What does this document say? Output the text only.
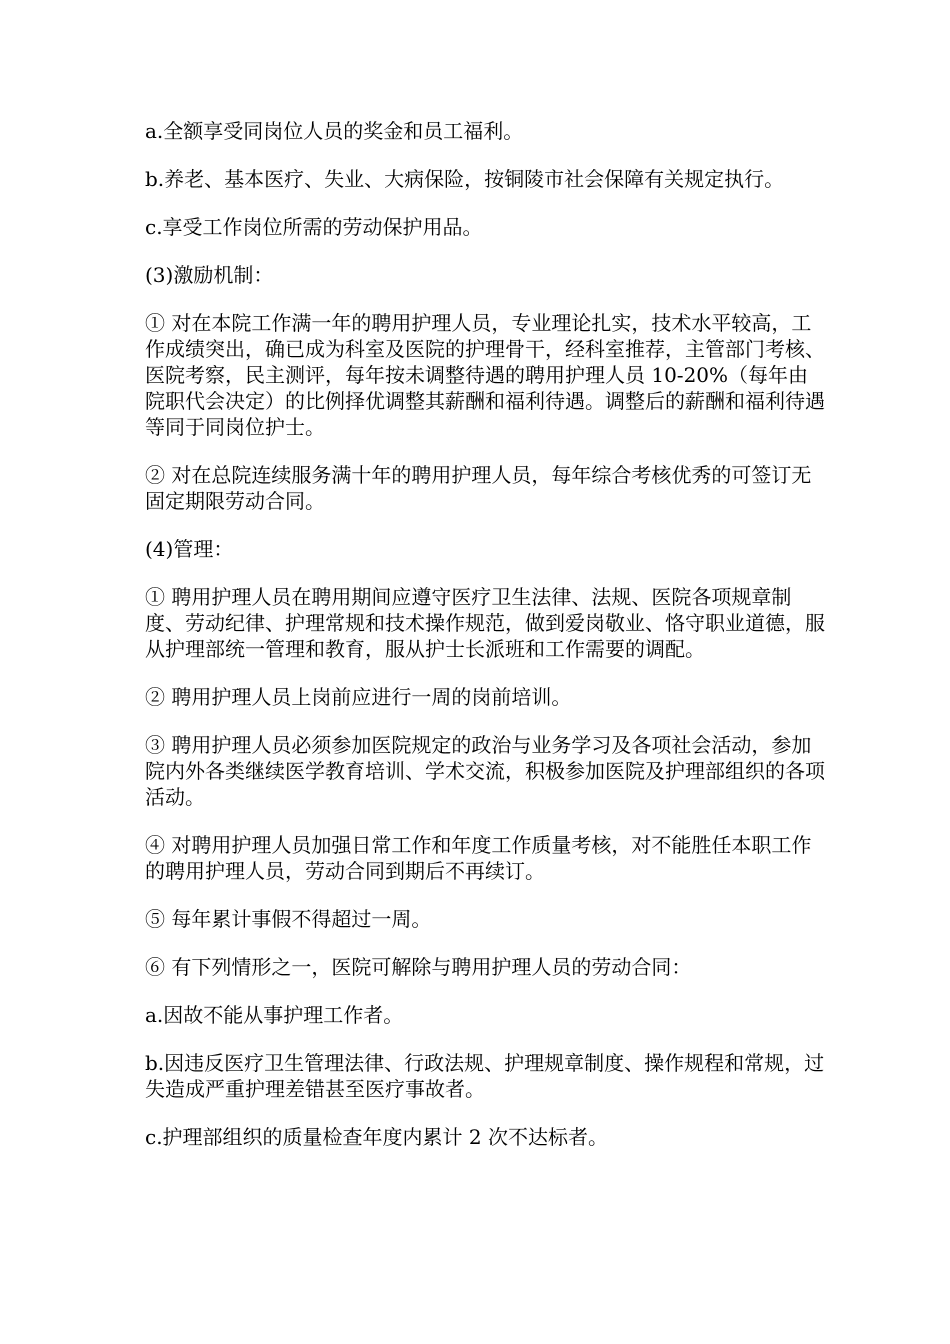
a.全额享受同岗位人员的奖金和员工福利。

b.养老、基本医疗、失业、大病保险，按铜陵市社会保障有关规定执行。

c.享受工作岗位所需的劳动保护用品。

(3)激励机制：

① 对在本院工作满一年的聘用护理人员，专业理论扎实，技术水平较高，工作成绩突出，确已成为科室及医院的护理骨干，经科室推荐，主管部门考核、医院考察，民主测评，每年按未调整待遇的聘用护理人员 10-20%（每年由院职代会决定）的比例择优调整其薪酬和福利待遇。调整后的薪酬和福利待遇等同于同岗位护士。

② 对在总院连续服务满十年的聘用护理人员，每年综合考核优秀的可签订无固定期限劳动合同。

(4)管理：

① 聘用护理人员在聘用期间应遵守医疗卫生法律、法规、医院各项规章制度、劳动纪律、护理常规和技术操作规范，做到爱岗敬业、恪守职业道德，服从护理部统一管理和教育，服从护士长派班和工作需要的调配。

② 聘用护理人员上岗前应进行一周的岗前培训。

③ 聘用护理人员必须参加医院规定的政治与业务学习及各项社会活动，参加院内外各类继续医学教育培训、学术交流，积极参加医院及护理部组织的各项活动。

④ 对聘用护理人员加强日常工作和年度工作质量考核，对不能胜任本职工作的聘用护理人员，劳动合同到期后不再续订。

⑤ 每年累计事假不得超过一周。

⑥ 有下列情形之一，医院可解除与聘用护理人员的劳动合同：

a.因故不能从事护理工作者。

b.因违反医疗卫生管理法律、行政法规、护理规章制度、操作规程和常规，过失造成严重护理差错甚至医疗事故者。

c.护理部组织的质量检查年度内累计 2 次不达标者。
